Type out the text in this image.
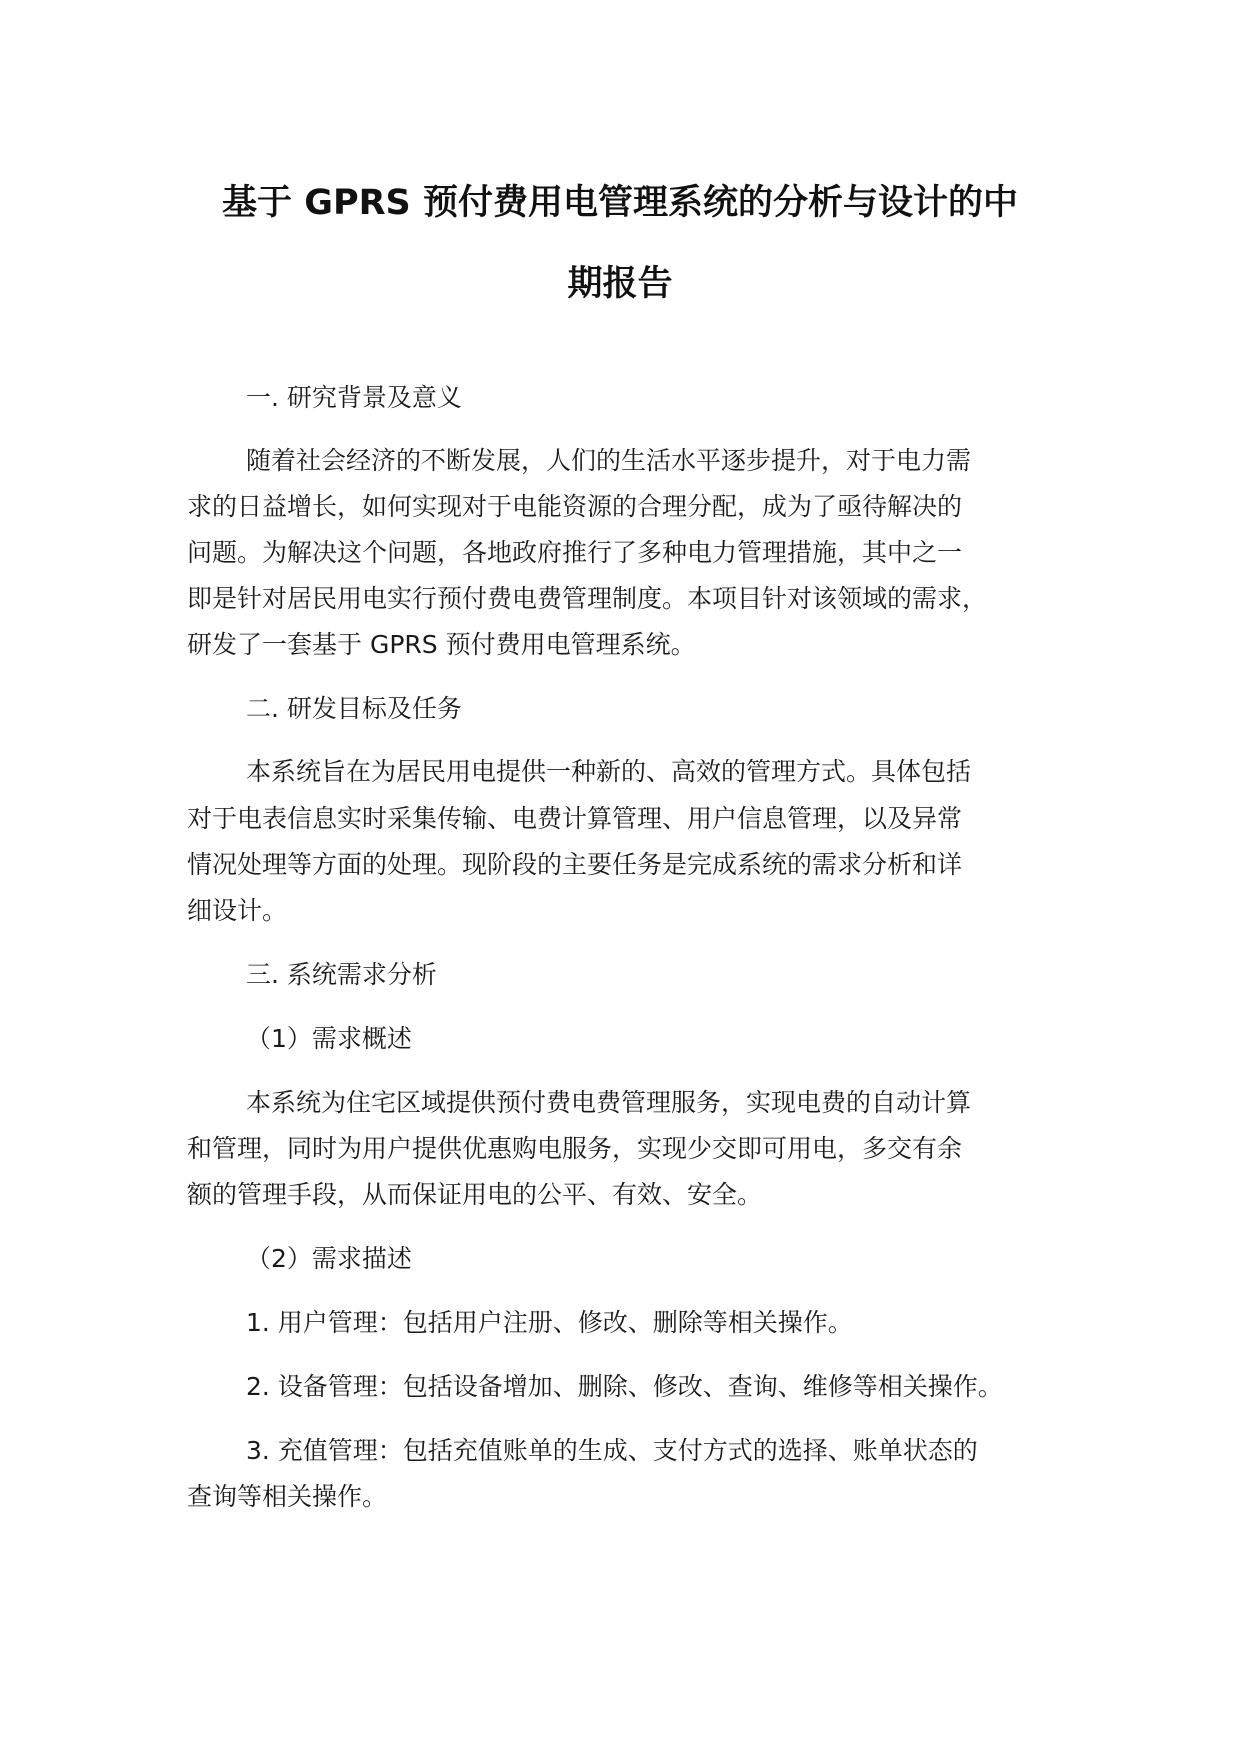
基于 GPRS 预付费用电管理系统的分析与设计的中
期报告
一. 研究背景及意义
随着社会经济的不断发展，人们的生活水平逐步提升，对于电力需
求的日益增长，如何实现对于电能资源的合理分配，成为了亟待解决的
问题。为解决这个问题，各地政府推行了多种电力管理措施，其中之一
即是针对居民用电实行预付费电费管理制度。本项目针对该领域的需求，
研发了一套基于 GPRS 预付费用电管理系统。
二. 研发目标及任务
本系统旨在为居民用电提供一种新的、高效的管理方式。具体包括
对于电表信息实时采集传输、电费计算管理、用户信息管理，以及异常
情况处理等方面的处理。现阶段的主要任务是完成系统的需求分析和详
细设计。
三. 系统需求分析
（1）需求概述
本系统为住宅区域提供预付费电费管理服务，实现电费的自动计算
和管理，同时为用户提供优惠购电服务，实现少交即可用电，多交有余
额的管理手段，从而保证用电的公平、有效、安全。
（2）需求描述
1. 用户管理：包括用户注册、修改、删除等相关操作。
2. 设备管理：包括设备增加、删除、修改、查询、维修等相关操作。
3. 充值管理：包括充值账单的生成、支付方式的选择、账单状态的
查询等相关操作。
